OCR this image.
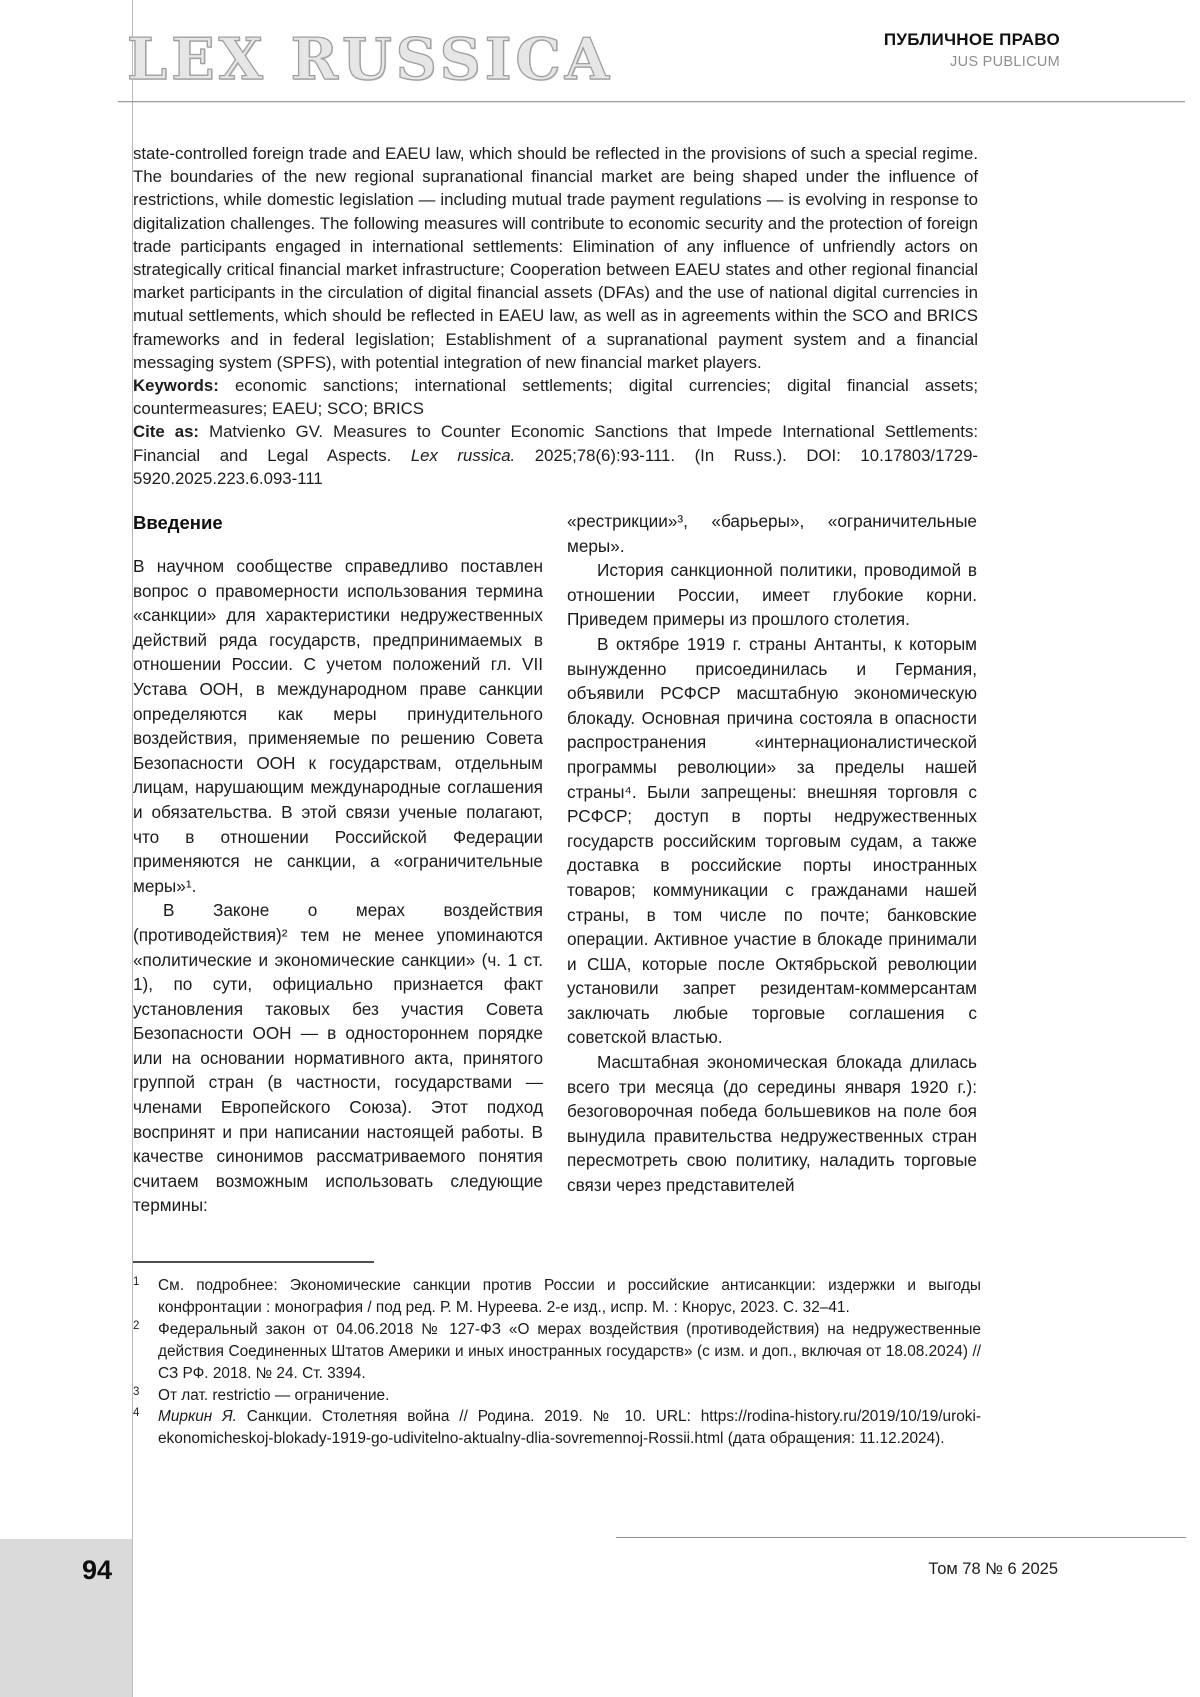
LEX RUSSICA	ПУБЛИЧНОЕ ПРАВО
JUS PUBLICUM

state-controlled foreign trade and EAEU law, which should be reflected in the provisions of such a special regime. The boundaries of the new regional supranational financial market are being shaped under the influence of restrictions, while domestic legislation — including mutual trade payment regulations — is evolving in response to digitalization challenges. The following measures will contribute to economic security and the protection of foreign trade participants engaged in international settlements: Elimination of any influence of unfriendly actors on strategically critical financial market infrastructure; Cooperation between EAEU states and other regional financial market participants in the circulation of digital financial assets (DFAs) and the use of national digital currencies in mutual settlements, which should be reflected in EAEU law, as well as in agreements within the SCO and BRICS frameworks and in federal legislation; Establishment of a supranational payment system and a financial messaging system (SPFS), with potential integration of new financial market players.

Keywords: economic sanctions; international settlements; digital currencies; digital financial assets; countermeasures; EAEU; SCO; BRICS

Cite as: Matvienko GV. Measures to Counter Economic Sanctions that Impede International Settlements: Financial and Legal Aspects. Lex russica. 2025;78(6):93-111. (In Russ.). DOI: 10.17803/1729-5920.2025.223.6.093-111

Введение

В научном сообществе справедливо поставлен вопрос о правомерности использования термина «санкции» для характеристики недружественных действий ряда государств, предпринимаемых в отношении России. С учетом положений гл. VII Устава ООН, в международном праве санкции определяются как меры принудительного воздействия, применяемые по решению Совета Безопасности ООН к государствам, отдельным лицам, нарушающим международные соглашения и обязательства. В этой связи ученые полагают, что в отношении Российской Федерации применяются не санкции, а «ограничительные меры»¹.

В Законе о мерах воздействия (противодействия)² тем не менее упоминаются «политические и экономические санкции» (ч. 1 ст. 1), по сути, официально признается факт установления таковых без участия Совета Безопасности ООН — в одностороннем порядке или на основании нормативного акта, принятого группой стран (в частности, государствами — членами Европейского Союза). Этот подход воспринят и при написании настоящей работы. В качестве синонимов рассматриваемого понятия считаем возможным использовать следующие термины:

«рестрикции»³, «барьеры», «ограничительные меры».

История санкционной политики, проводимой в отношении России, имеет глубокие корни. Приведем примеры из прошлого столетия.

В октябре 1919 г. страны Антанты, к которым вынужденно присоединилась и Германия, объявили РСФСР масштабную экономическую блокаду. Основная причина состояла в опасности распространения «интернационалистической программы революции» за пределы нашей страны⁴. Были запрещены: внешняя торговля с РСФСР; доступ в порты недружественных государств российским торговым судам, а также доставка в российские порты иностранных товаров; коммуникации с гражданами нашей страны, в том числе по почте; банковские операции. Активное участие в блокаде принимали и США, которые после Октябрьской революции установили запрет резидентам-коммерсантам заключать любые торговые соглашения с советской властью.

Масштабная экономическая блокада длилась всего три месяца (до середины января 1920 г.): безоговорочная победа большевиков на поле боя вынудила правительства недружественных стран пересмотреть свою политику, наладить торговые связи через представителей

1	См. подробнее: Экономические санкции против России и российские антисанкции: издержки и выгоды конфронтации : монография / под ред. Р. М. Нуреева. 2-е изд., испр. М. : Кнорус, 2023. С. 32–41.
2	Федеральный закон от 04.06.2018 № 127-ФЗ «О мерах воздействия (противодействия) на недружественные действия Соединенных Штатов Америки и иных иностранных государств» (с изм. и доп., включая от 18.08.2024) // СЗ РФ. 2018. № 24. Ст. 3394.
3	От лат. restrictio — ограничение.
4	Миркин Я. Санкции. Столетняя война // Родина. 2019. № 10. URL: https://rodina-history.ru/2019/10/19/uroki-ekonomicheskoj-blokady-1919-go-udivitelno-aktualny-dlia-sovremennoj-Rossii.html (дата обращения: 11.12.2024).
94	Том 78 № 6 2025
